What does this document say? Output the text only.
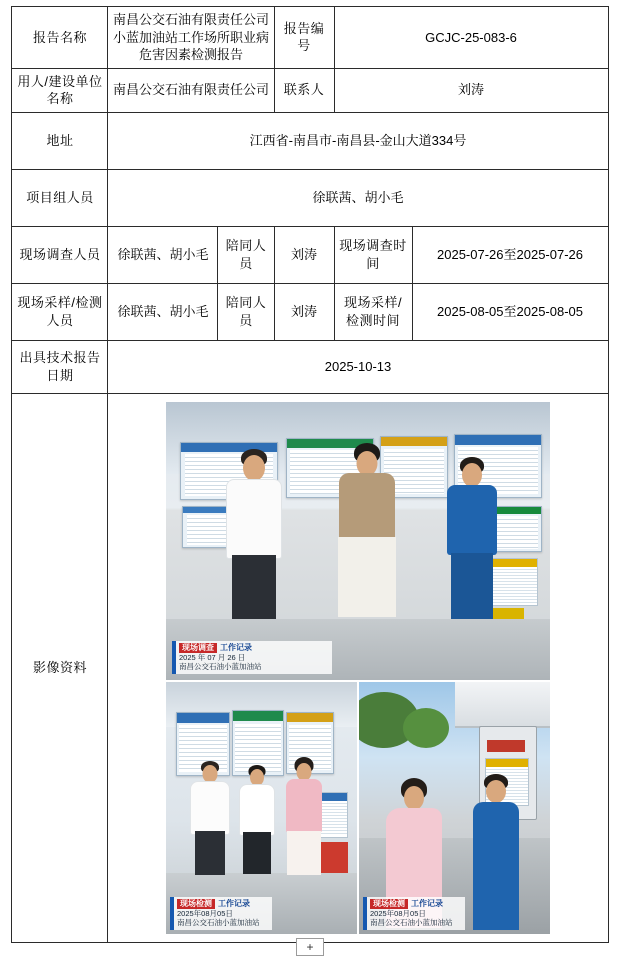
报告名称	南昌公交石油有限责任公司小蓝加油站工作场所职业病危害因素检测报告		报告编号	GCJC-25-083-6	
用人/建设单位名称	南昌公交石油有限责任公司		联系人	刘涛	
地址	江西省-南昌市-南昌县-金山大道334号				
项目组人员	徐联茜、胡小毛				
现场调查人员	徐联茜、胡小毛	陪同人员	刘涛	现场调查时间	2025-07-26至2025-07-26
现场采样/检测人员	徐联茜、胡小毛	陪同人员	刘涛	现场采样/检测时间	2025-08-05至2025-08-05
出具技术报告日期	2025-10-13				
影像资料	
现场调查 工作记录
2025 年 07 月 26 日
南昌公交石油小蓝加油站
现场检测 工作记录
2025年08月05日
南昌公交石油小蓝加油站
现场检测 工作记录
2025年08月05日
南昌公交石油小蓝加油站
+
